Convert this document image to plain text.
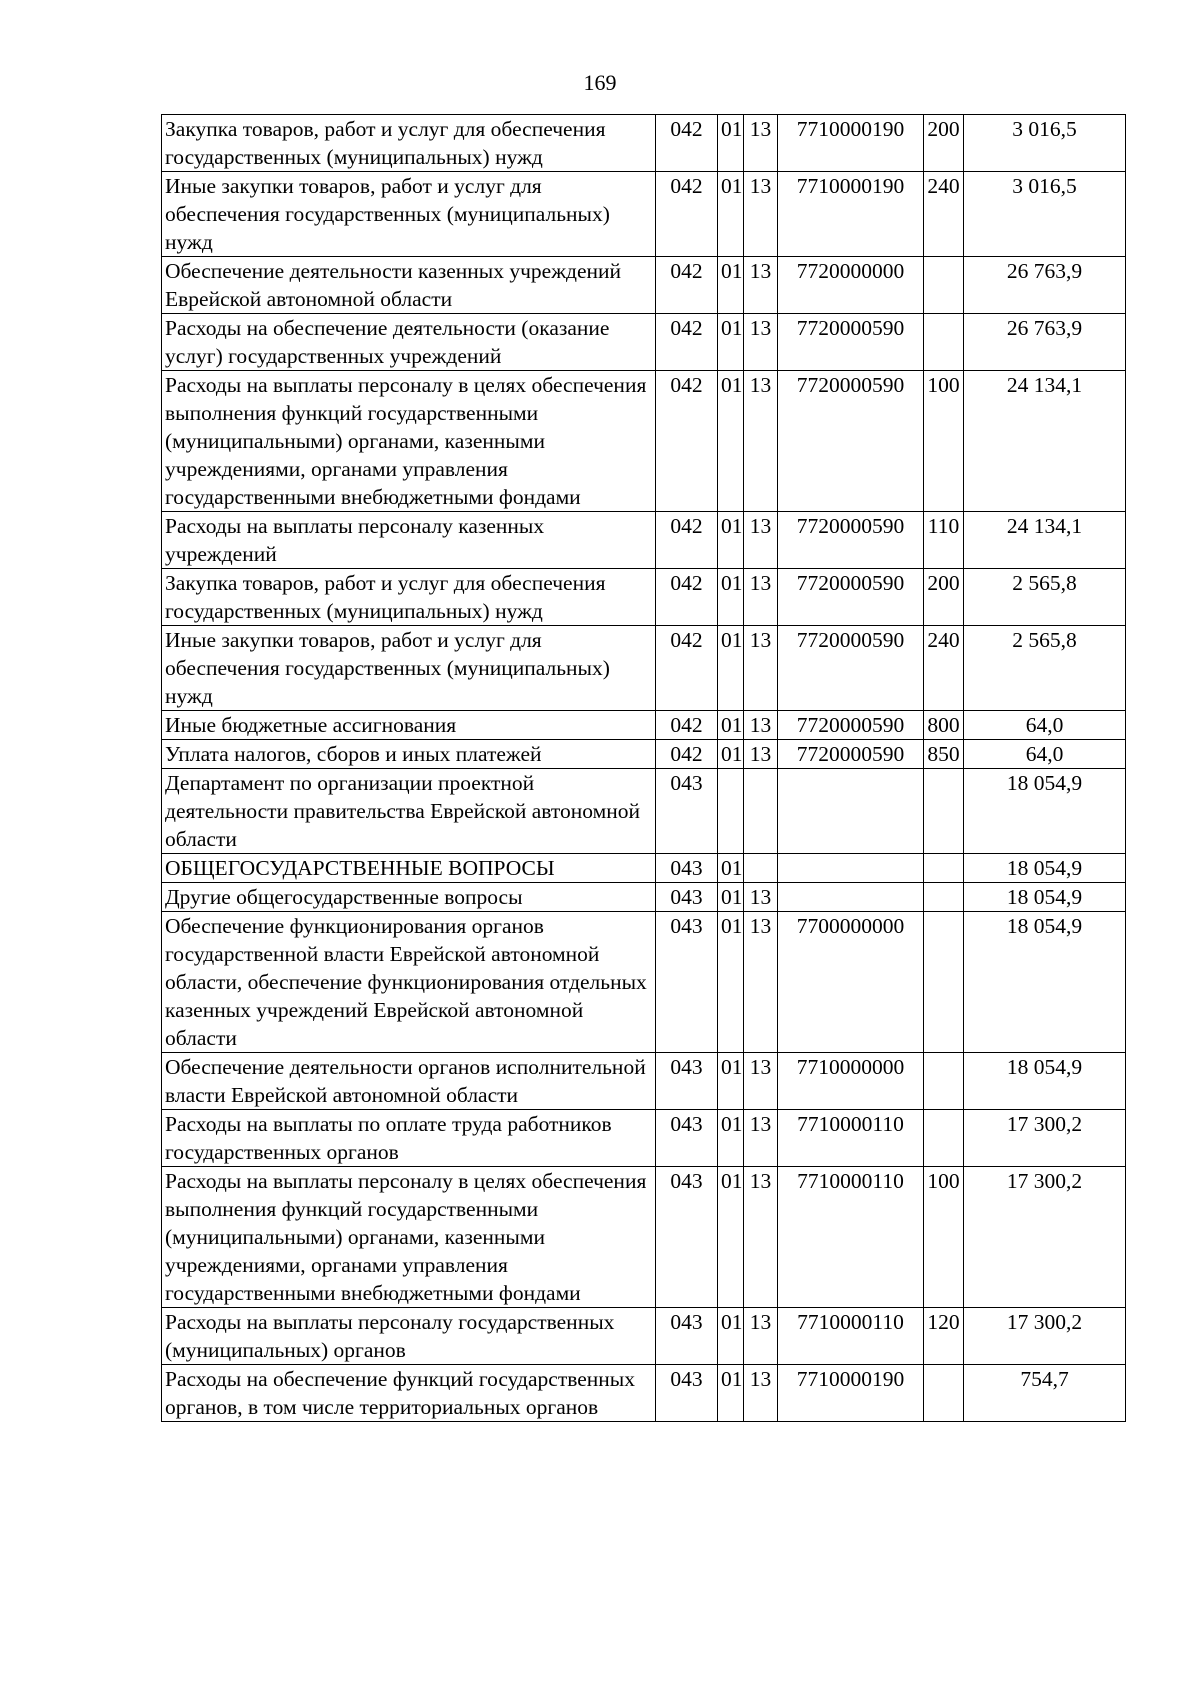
169
Закупка товаров, работ и услуг для обеспечения государственных (муниципальных) нужд	042	01	13	7710000190	200	3 016,5
Иные закупки товаров, работ и услуг для обеспечения государственных (муниципальных) нужд	042	01	13	7710000190	240	3 016,5
Обеспечение деятельности казенных учреждений Еврейской автономной области	042	01	13	7720000000		26 763,9
Расходы на обеспечение деятельности (оказание услуг) государственных учреждений	042	01	13	7720000590		26 763,9
Расходы на выплаты персоналу в целях обеспечения выполнения функций государственными (муниципальными) органами, казенными учреждениями, органами управления государственными внебюджетными фондами	042	01	13	7720000590	100	24 134,1
Расходы на выплаты персоналу казенных учреждений	042	01	13	7720000590	110	24 134,1
Закупка товаров, работ и услуг для обеспечения государственных (муниципальных) нужд	042	01	13	7720000590	200	2 565,8
Иные закупки товаров, работ и услуг для обеспечения государственных (муниципальных) нужд	042	01	13	7720000590	240	2 565,8
Иные бюджетные ассигнования	042	01	13	7720000590	800	64,0
Уплата налогов, сборов и иных платежей	042	01	13	7720000590	850	64,0
Департамент по организации проектной деятельности правительства Еврейской автономной области	043					18 054,9
ОБЩЕГОСУДАРСТВЕННЫЕ ВОПРОСЫ	043	01				18 054,9
Другие общегосударственные вопросы	043	01	13			18 054,9
Обеспечение функционирования органов государственной власти Еврейской автономной области, обеспечение функционирования отдельных казенных учреждений Еврейской автономной области	043	01	13	7700000000		18 054,9
Обеспечение деятельности органов исполнительной власти Еврейской автономной области	043	01	13	7710000000		18 054,9
Расходы на выплаты по оплате труда работников государственных органов	043	01	13	7710000110		17 300,2
Расходы на выплаты персоналу в целях обеспечения выполнения функций государственными (муниципальными) органами, казенными учреждениями, органами управления государственными внебюджетными фондами	043	01	13	7710000110	100	17 300,2
Расходы на выплаты персоналу государственных (муниципальных) органов	043	01	13	7710000110	120	17 300,2
Расходы на обеспечение функций государственных органов, в том числе территориальных органов	043	01	13	7710000190		754,7
